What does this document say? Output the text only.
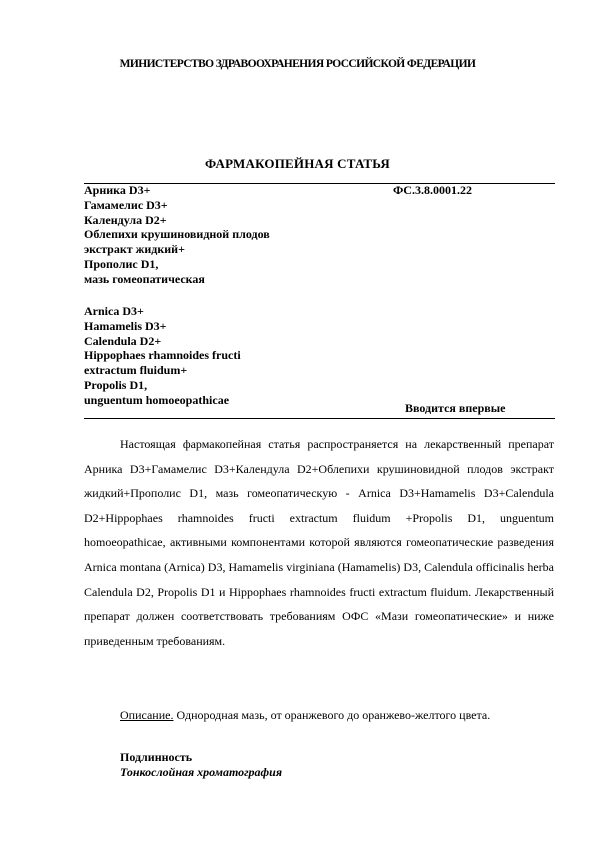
МИНИСТЕРСТВО ЗДРАВООХРАНЕНИЯ РОССИЙСКОЙ ФЕДЕРАЦИИ
ФАРМАКОПЕЙНАЯ СТАТЬЯ
ФС.3.8.0001.22
Арника D3+
Гамамелис D3+
Календула D2+
Облепихи крушиновидной плодов
экстракт жидкий+
Прополис D1,
мазь гомеопатическая
Arnica D3+
Hamamelis D3+
Calendula D2+
Hippophaes rhamnoides fructi
extractum fluidum+
Propolis D1,
unguentum homoeopathicae
Вводится впервые
Настоящая фармакопейная статья распространяется на лекарственный препарат Арника D3+Гамамелис D3+Календула D2+Облепихи крушиновидной плодов экстракт жидкий+Прополис D1, мазь гомеопатическую - Arnica D3+Hamamelis D3+Calendula D2+Hippophaes rhamnoides fructi extractum fluidum +Propolis D1, unguentum homoeopathicae, активными компонентами которой являются гомеопатические разведения Arnica montana (Arnica) D3, Hamamelis virginiana (Hamamelis) D3, Calendula officinalis herba Calendula D2, Propolis D1 и Hippophaes rhamnoides fructi extractum fluidum. Лекарственный препарат должен соответствовать требованиям ОФС «Мази гомеопатические» и ниже приведенным требованиям.
Описание. Однородная мазь, от оранжевого до оранжево-желтого цвета.
Подлинность
Тонкослойная хроматография
